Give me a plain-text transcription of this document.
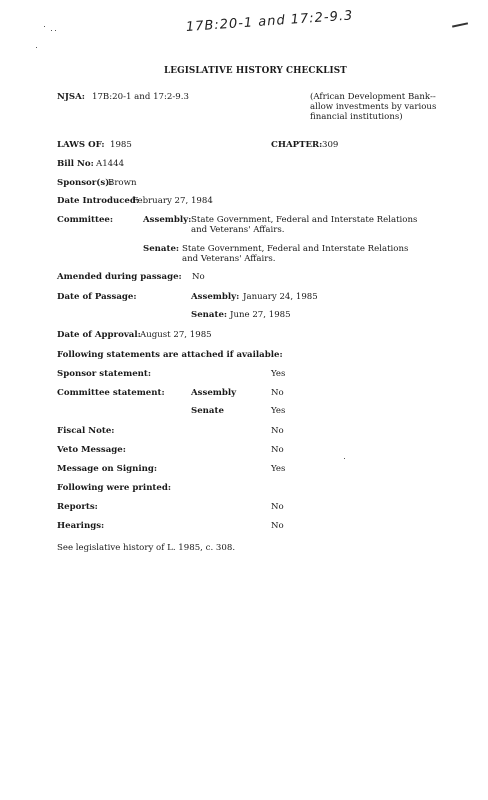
17B:20-1 and 17:2-9.3
LEGISLATIVE HISTORY CHECKLIST
NJSA: 17B:20-1 and 17:2-9.3	(African Development Bank--allow investments by various financial institutions)
LAWS OF: 1985	CHAPTER: 309
Bill No: A1444
Sponsor(s):
Brown
Date Introduced:
February 27, 1984
Committee:	Assembly: State Government, Federal and Interstate Relations and Veterans' Affairs.
Senate: State Government, Federal and Interstate Relations and Veterans' Affairs.
Amended during passage: No
Date of Passage:	Assembly: January 24, 1985
Senate: June 27, 1985
Date of Approval: August 27, 1985
Following statements are attached if available:
Sponsor statement:	Yes
Committee statement:	Assembly	No
Senate	Yes
Fiscal Note:	No
Veto Message:	No
Message on Signing:	Yes
Following were printed:
Reports:	No
Hearings:	No
See legislative history of L. 1985, c. 308.
